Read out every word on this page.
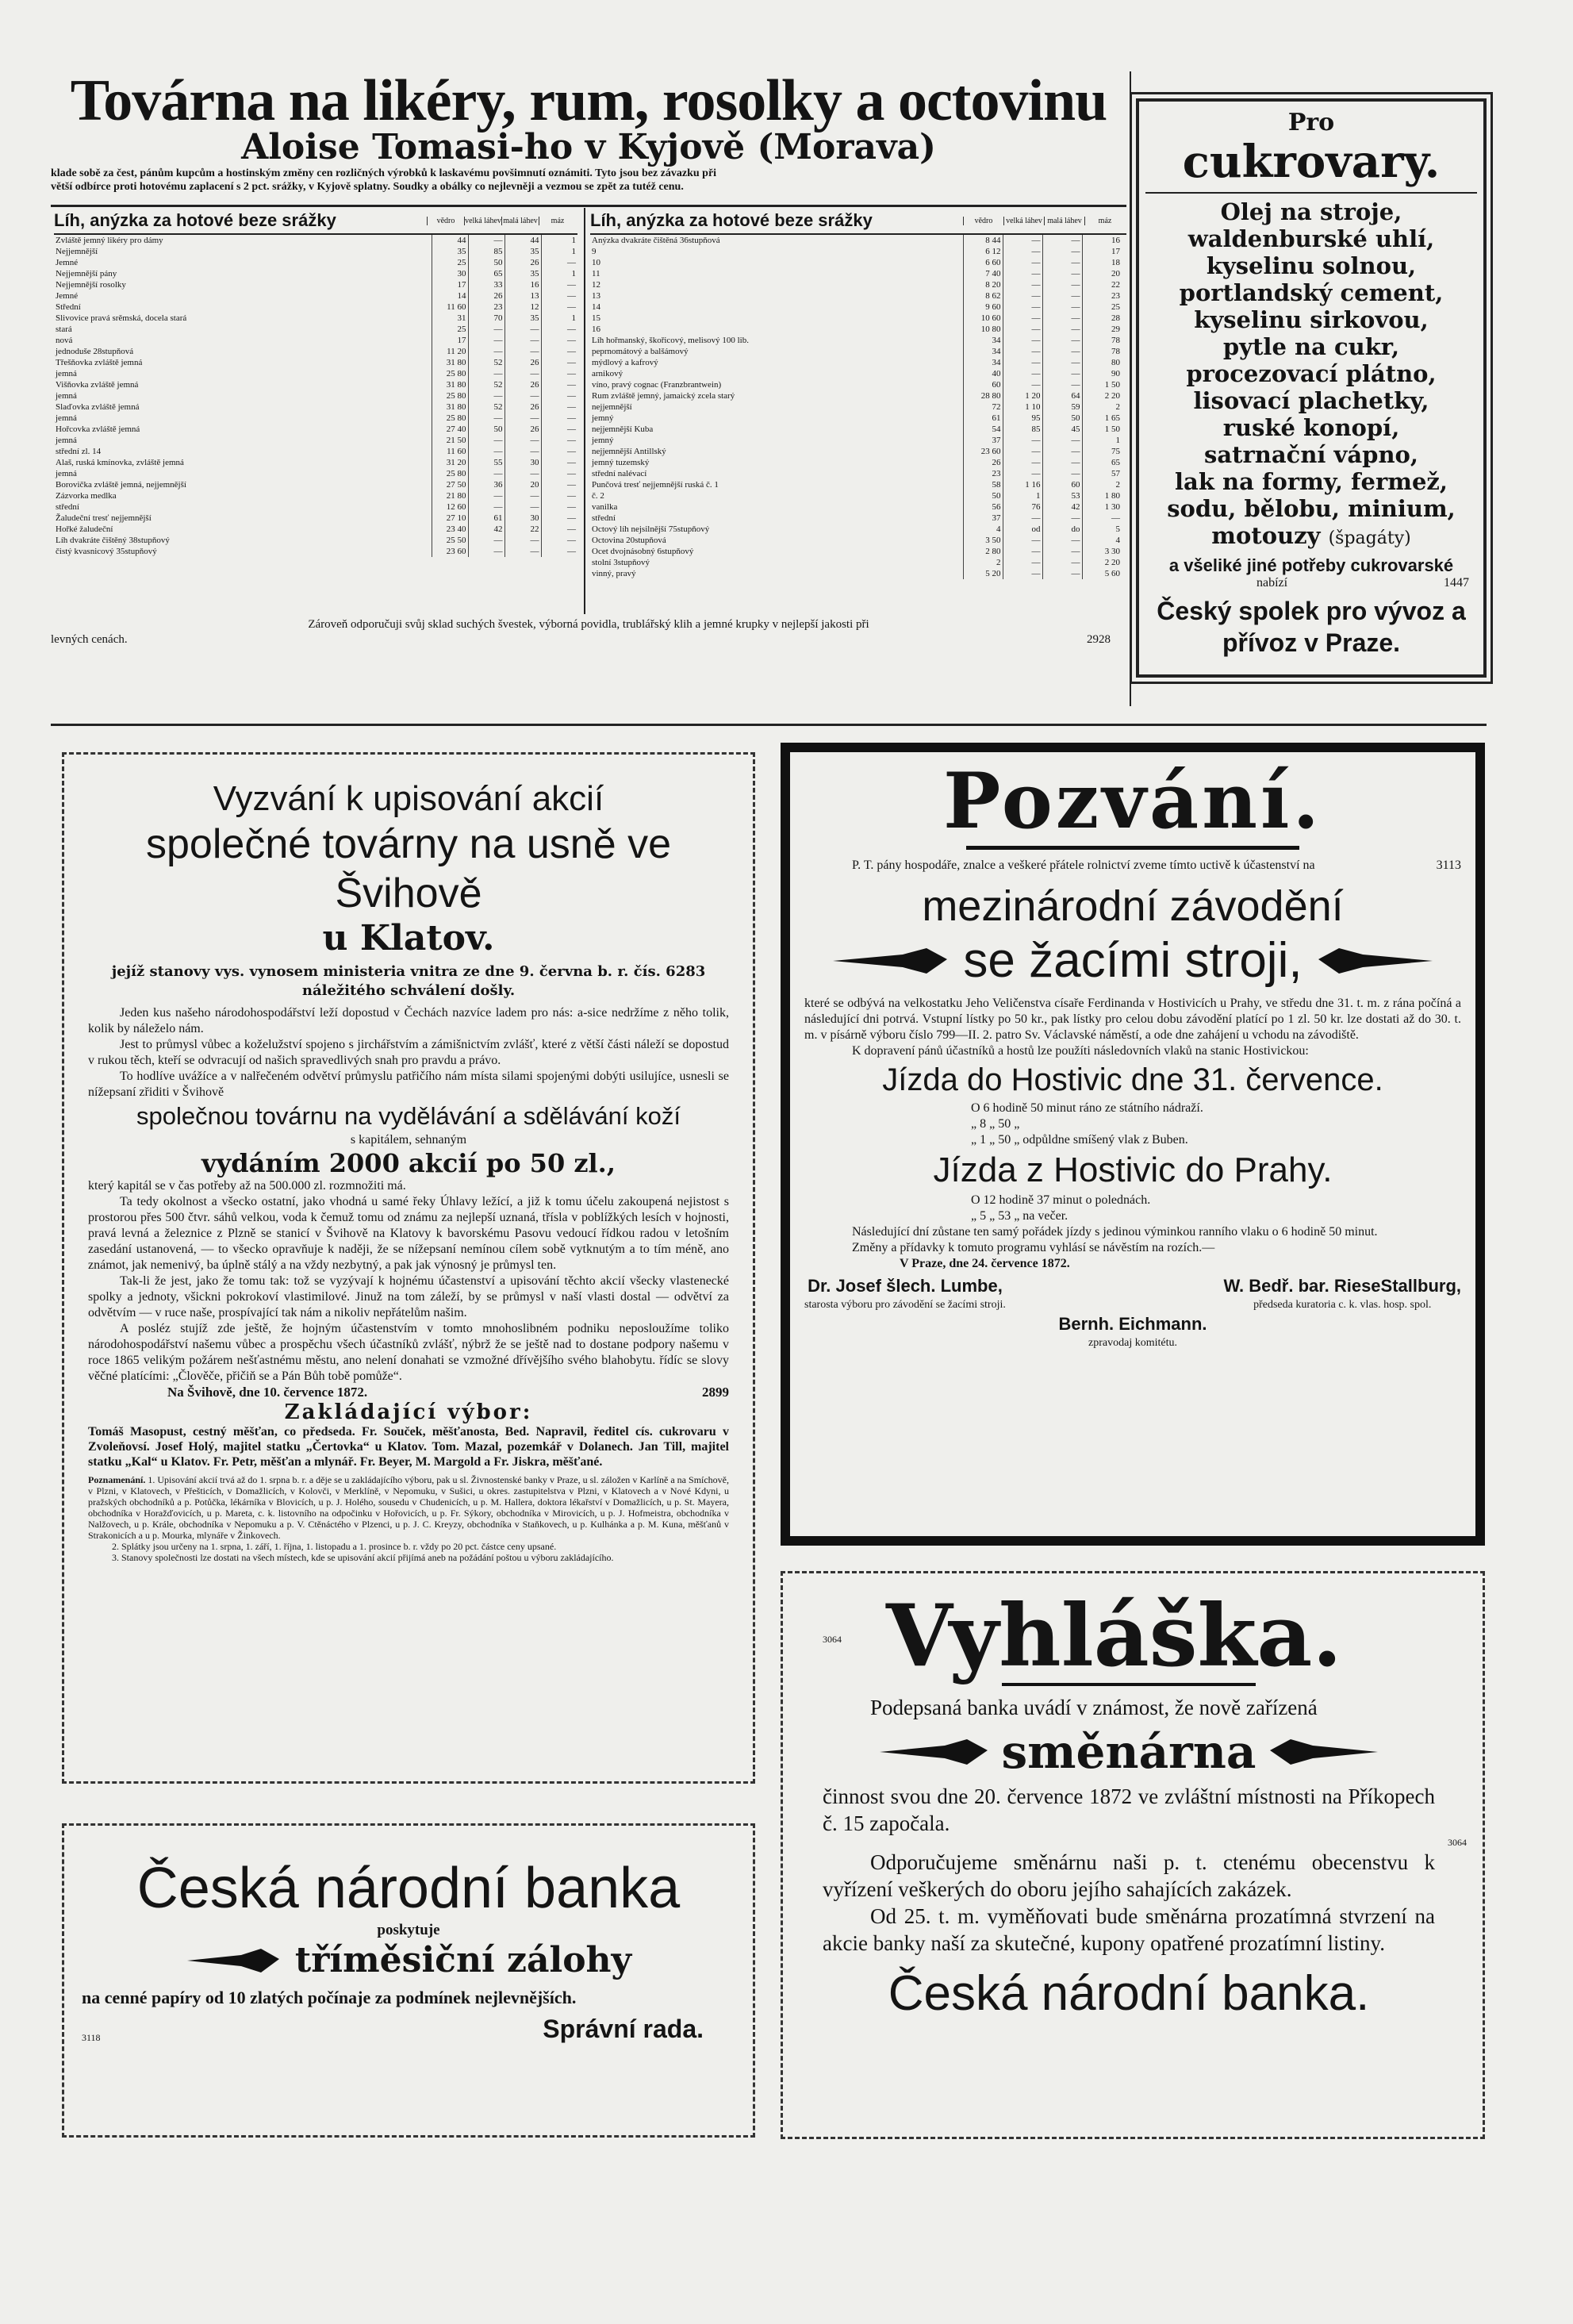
Továrna na likéry, rum, rosolky a octovinu
Aloise Tomasi-ho v Kyjově (Morava)
klade sobě za čest, pánům kupcům a hostinským změny cen rozličných výrobků k laskavému povšimnutí oznámiti. Tyto jsou bez závazku při
větší odbírce proti hotovému zaplacení s 2 pct. srážky, v Kyjově splatny. Soudky a obálky co nejlevněji a vezmou se zpět za tutéž cenu.
Líh, anýzka za hotové beze srážky	vědro	velká láhev malá láhev	máz
Zvláště jemný likéry pro dámy	44	—	44	1
Nejjemnější	35	85	35	1
Jemné	25	50	26	—
Nejjemnější pány	30	65	35	1
Nejjemnější rosolky	17	33	16	—
Jemné	14	26	13	—
Střední	11 60	23	12	—
Slivovice pravá srěmská, docela stará	31	70	35	1
stará	25	—	—	—
nová	17	—	—	—
jednoduše 28stupňová	11 20	—	—	—
Třešňovka zvláště jemná	31 80	52	26	—
jemná	25 80	—	—	—
Višňovka zvláště jemná	31 80	52	26	—
jemná	25 80	—	—	—
Slaďovka zvláště jemná	31 80	52	26	—
jemná	25 80	—	—	—
Hořcovka zvláště jemná	27 40	50	26	—
jemná	21 50	—	—	—
střední zl. 14	11 60	—	—	—
Alaš, ruská kmínovka, zvláště jemná	31 20	55	30	—
jemná	25 80	—	—	—
Borovička zvláště jemná, nejjemnější	27 50	36	20	—
Zázvorka medlka	21 80	—	—	—
střední	12 60	—	—	—
Žaludeční tresť nejjemnější	27 10	61	30	—
Hořké žaludeční	23 40	42	22	—
Líh dvakráte čištěný 38stupňový	25 50	—	—	—
čistý kvasnicový 35stupňový	23 60	—	—	—
Líh, anýzka za hotové beze srážky	vědro	velká láhev malá láhev	máz
Anýzka dvakráte čištěná 36stupňová	8 44	—	—	16
9	6 12	—	—	17
10	6 60	—	—	18
11	7 40	—	—	20
12	8 20	—	—	22
13	8 62	—	—	23
14	9 60	—	—	25
15	10 60	—	—	28
16	10 80	—	—	29
Líh hořmanský, škořicový, melisový 100 lib.	34	—	—	78
peprnomátový a balšámový	34	—	—	78
mýdlový a kafrový	34	—	—	80
arnikový	40	—	—	90
víno, pravý cognac (Franzbrantwein)	60	—	—	1 50
Rum zvláště jemný, jamaický zcela starý	28 80	1 20	64	2 20
nejjemnější	72	1 10	59	2
jemný	61	95	50	1 65
nejjemnější Kuba	54	85	45	1 50
jemný	37	—	—	1
nejjemnější Antillský	23 60	—	—	75
jemný tuzemský	26	—	—	65
střední nalévací	23	—	—	57
Punčová tresť nejjemnější ruská č. 1	58	1 16	60	2
č. 2	50	1	53	1 80
vanilka	56	76	42	1 30
střední	37	—	—	—
Octový líh nejsilnější 75stupňový	4	od	do	5
Octovina 20stupňová	3 50	—	—	4
Ocet dvojnásobný 6stupňový	2 80	—	—	3 30
stolní 3stupňový	2	—	—	2 20
vinný, pravý	5 20	—	—	5 60
Zároveň odporučuji svůj sklad suchých švestek, výborná povidla, trublářský klih a jemné krupky v nejlepší jakosti při
levných cenách.	2928
Pro
cukrovary.
Olej na stroje,
waldenburské uhlí,
kyselinu solnou,
portlandský cement,
kyselinu sirkovou,
pytle na cukr,
procezovací plátno,
lisovací plachetky,
ruské konopí,
satrnační vápno,
lak na formy, fermež,
sodu, bělobu, minium,
motouzy (špagáty)
a všeliké jiné potřeby cukrovarské
nabízí	1447
Český spolek pro vývoz a přívoz v Praze.
Vyzvání k upisování akcií
společné továrny na usně ve Švihově
u Klatov.
jejíž stanovy vys. vynosem ministeria vnitra ze dne 9. června b. r. čís. 6283 náležitého schválení došly.
Jeden kus našeho národohospodářství leží dopostud v Čechách nazvíce ladem pro nás: a-sice nedržíme z něho tolik, kolik by náleželo nám.
Jest to průmysl vůbec a koželužství spojeno s jirchářstvím a zámišnictvím zvlášť, které z větší části náleží se dopostud v rukou těch, kteří se odvracují od našich spravedlivých snah pro pravdu a právo.
To hodlíve uvážíce a v nalřečeném odvětví průmyslu patřičího nám místa silami spojenými dobýti usilujíce, usnesli se nížepsaní zřiditi v Švihově
společnou továrnu na vydělávání a sdělávání koží
s kapitálem, sehnaným
vydáním 2000 akcií po 50 zl.,
který kapitál se v čas potřeby až na 500.000 zl. rozmnožiti má.
Ta tedy okolnost a všecko ostatní, jako vhodná u samé řeky Úhlavy ležící, a již k tomu účelu zakoupená nejistost s prostorou přes 500 čtvr. sáhů velkou, voda k čemuž tomu od známu za nejlepší uznaná, třísla v poblížkých lesích v hojnosti, pravá levná a železnice z Plzně se stanicí v Švihově na Klatovy k bavorskému Pasovu vedoucí řídkou radou v letošním zasedání ustanovená, — to všecko opravňuje k naději, že se nížepsaní nemínou cílem sobě vytknutým a to tím méně, ano známot, jak nemenivý, ba úplně stálý a na vždy nezbytný, a pak jak výnosný je průmysl ten.
Tak-li že jest, jako že tomu tak: tož se vyzývají k hojnému účastenství a upisování těchto akcií všecky vlastenecké spolky a jednoty, všickni pokrokoví vlastimilové. Jinuž na tom záleží, by se průmysl v naší vlasti dostal — odvětví za odvětvím — v ruce naše, prospívající tak nám a nikoliv nepřátelům našim.
A posléz stujíž zde ještě, že hojným účastenstvím v tomto mnohoslibném podniku neposloužíme toliko národohospodářství našemu vůbec a prospěchu všech účastníků zvlášť, nýbrž že se ještě nad to dostane podpory našemu v roce 1865 velikým požárem nešťastnému městu, ano nelení donahati se vzmožné dřívějšího svého blahobytu. řídíc se slovy věčné platícími: „Člověče, přičiň se a Pán Bůh tobě pomůže“.
Na Švihově, dne 10. července 1872.	2899
Zakládající výbor:
Tomáš Masopust, cestný měšťan, co předseda. Fr. Souček, měšťanosta, Bed. Napravil, ředitel cís. cukrovaru v Zvoleňovsí. Josef Holý, majitel statku „Čertovka“ u Klatov. Tom. Mazal, pozemkář v Dolanech. Jan Till, majitel statku „Kal“ u Klatov. Fr. Petr, měšťan a mlynář. Fr. Beyer, M. Margold a Fr. Jiskra, měšťané.
Poznamenání. 1. Upisování akcií trvá až do 1. srpna b. r. a děje se u zakládajícího výboru, pak u sl. Živnostenské banky v Praze, u sl. záložen v Karlíně a na Smíchově, v Plzni, v Klatovech, v Přešticích, v Domažlicích, v Kolovči, v Merklíně, v Nepomuku, v Sušici, u okres. zastupitelstva v Plzni, v Klatovech a v Nové Kdyni, u pražských obchodníků a p. Potůčka, lékárníka v Blovicích, u p. J. Holého, sousedu v Chudenicích, u p. M. Hallera, doktora lékařství v Domažlicích, u p. St. Mayera, obchodníka v Horažďovicích, u p. Mareta, c. k. listovního na odpočinku v Hořovicích, u p. Fr. Sýkory, obchodníka v Mirovicích, u p. J. Hofmeistra, obchodníka v Nalžovech, u p. Krále, obchodníka v Nepomuku a p. V. Ctěnáctého v Plzenci, u p. J. C. Kreyzy, obchodníka v Staňkovech, u p. Kulhánka a p. M. Kuna, měšťanů v Strakonicích a u p. Mourka, mlynáře v Žinkovech.
2. Splátky jsou určeny na 1. srpna, 1. září, 1. října, 1. listopadu a 1. prosince b. r. vždy po 20 pct. částce ceny upsané.
3. Stanovy společnosti lze dostati na všech místech, kde se upisování akcií přijímá aneb na požádání poštou u výboru zakládajícího.
Pozvání.
P. T. pány hospodáře, znalce a veškeré přátele rolnictví zveme tímto uctivě k účastenství na	3113
mezinárodní závodění
se žacími stroji,
které se odbývá na velkostatku Jeho Veličenstva císaře Ferdinanda v Hostivicích u Prahy, ve středu dne 31. t. m. z rána počíná a následující dni potrvá. Vstupní lístky po 50 kr., pak lístky pro celou dobu závodění platící po 1 zl. 50 kr. lze dostati až do 30. t. m. v písárně výboru číslo 799—II. 2. patro Sv. Václavské náměstí, a ode dne zahájení u vchodu na závodiště.
K dopravení pánů účastníků a hostů lze použíti následovních vlaků na stanic Hostivickou:
Jízda do Hostivic dne 31. července.
O 6 hodině 50 minut ráno ze státního nádraží.
„ 8 „ 50 „
„ 1 „ 50 „ odpůldne smíšený vlak z Buben.
Jízda z Hostivic do Prahy.
O 12 hodině 37 minut o polednách.
„ 5 „ 53 „ na večer.
Následující dní zůstane ten samý pořádek jízdy s jedinou výminkou ranního vlaku o 6 hodině 50 minut.
Změny a přídavky k tomuto programu vyhlásí se návěstím na rozích.—
V Praze, dne 24. července 1872.
Dr. Josef šlech. Lumbe,
starosta výboru pro závodění se žacími stroji.
W. Bedř. bar. RieseStallburg,
předseda kuratoria c. k. vlas. hosp. spol.
Bernh. Eichmann.
zpravodaj komitétu.
Česká národní banka
poskytuje
tříměsiční zálohy
na cenné papíry od 10 zlatých počínaje za podmínek nejlevnějších.
3118	Správní rada.
3064 Vyhláška.
Podepsaná banka uvádí v známost, že nově zařízená
směnárna
činnost svou dne 20. července 1872 ve zvláštní místnosti na Příkopech č. 15 započala.
3064
Odporučujeme směnárnu naši p. t. ctenému obecenstvu k vyřízení veškerých do oboru jejího sahajících zakázek.
Od 25. t. m. vyměňovati bude směnárna prozatímná stvrzení na akcie banky naší za skutečné, kupony opatřené prozatímní listiny.
Česká národní banka.
